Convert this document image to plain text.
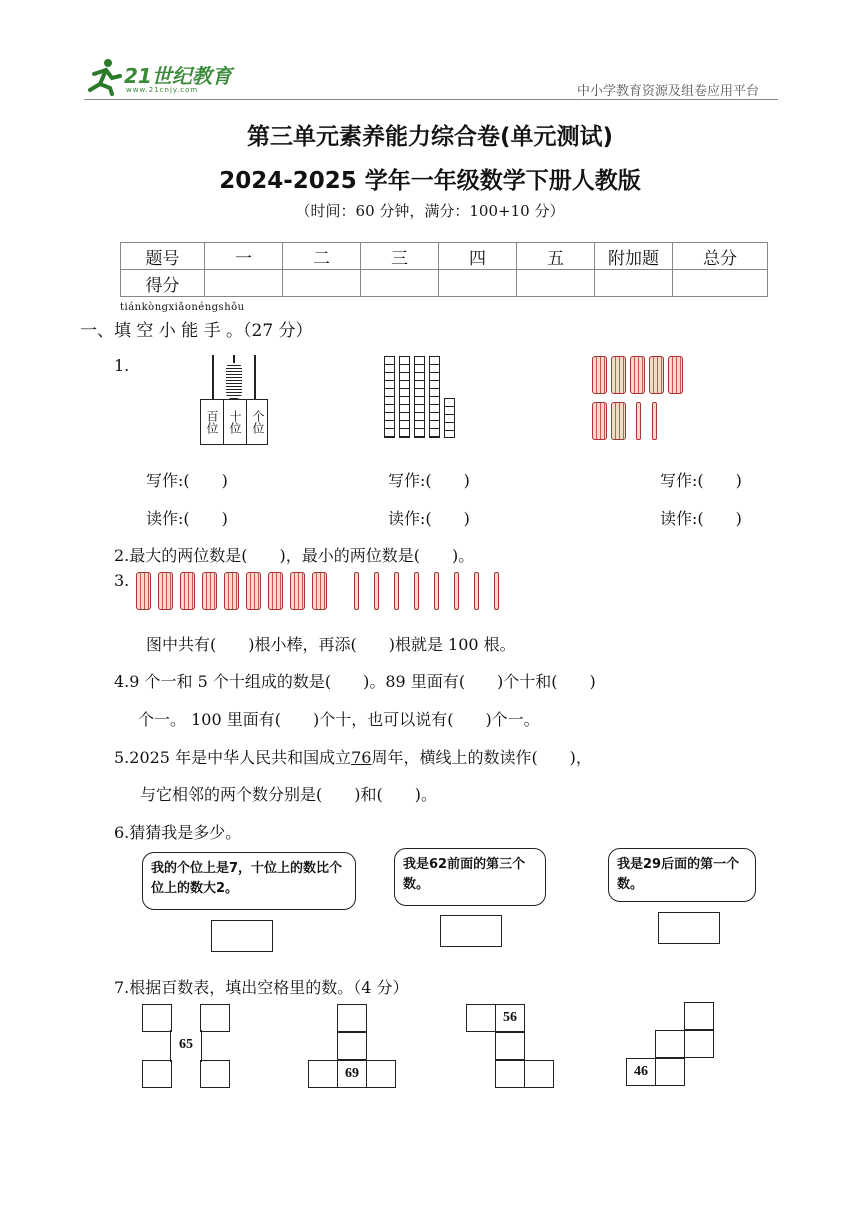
21世纪教育
www.21cnjy.com	中小学教育资源及组卷应用平台
第三单元素养能力综合卷(单元测试)
2024-2025 学年一年级数学下册人教版
（时间：60 分钟，满分：100+10 分）
题号	一	二	三	四	五	附加题	总分
得分							
tiánkòngxiǎonéngshǒu
一、填 空 小 能 手 。（27 分）
1.
百位 十位 个位
写作:(　　)	写作:(　　)	写作:(　　)
读作:(　　)	读作:(　　)	读作:(　　)
2.最大的两位数是(　　)，最小的两位数是(　　)。
3.
图中共有(　　)根小棒，再添(　　)根就是 100 根。
4.9 个一和 5 个十组成的数是(　　)。89 里面有(　　)个十和(　　)
个一。 100 里面有(　　)个十，也可以说有(　　)个一。
5.2025 年是中华人民共和国成立76周年，横线上的数读作(　　)，
与它相邻的两个数分别是(　　)和(　　)。
6.猜猜我是多少。
我的个位上是7，十位上的数比个位上的数大2。
我是62前面的第三个数。
我是29后面的第一个数。
7.根据百数表，填出空格里的数。（4 分）
65
69
56
46
